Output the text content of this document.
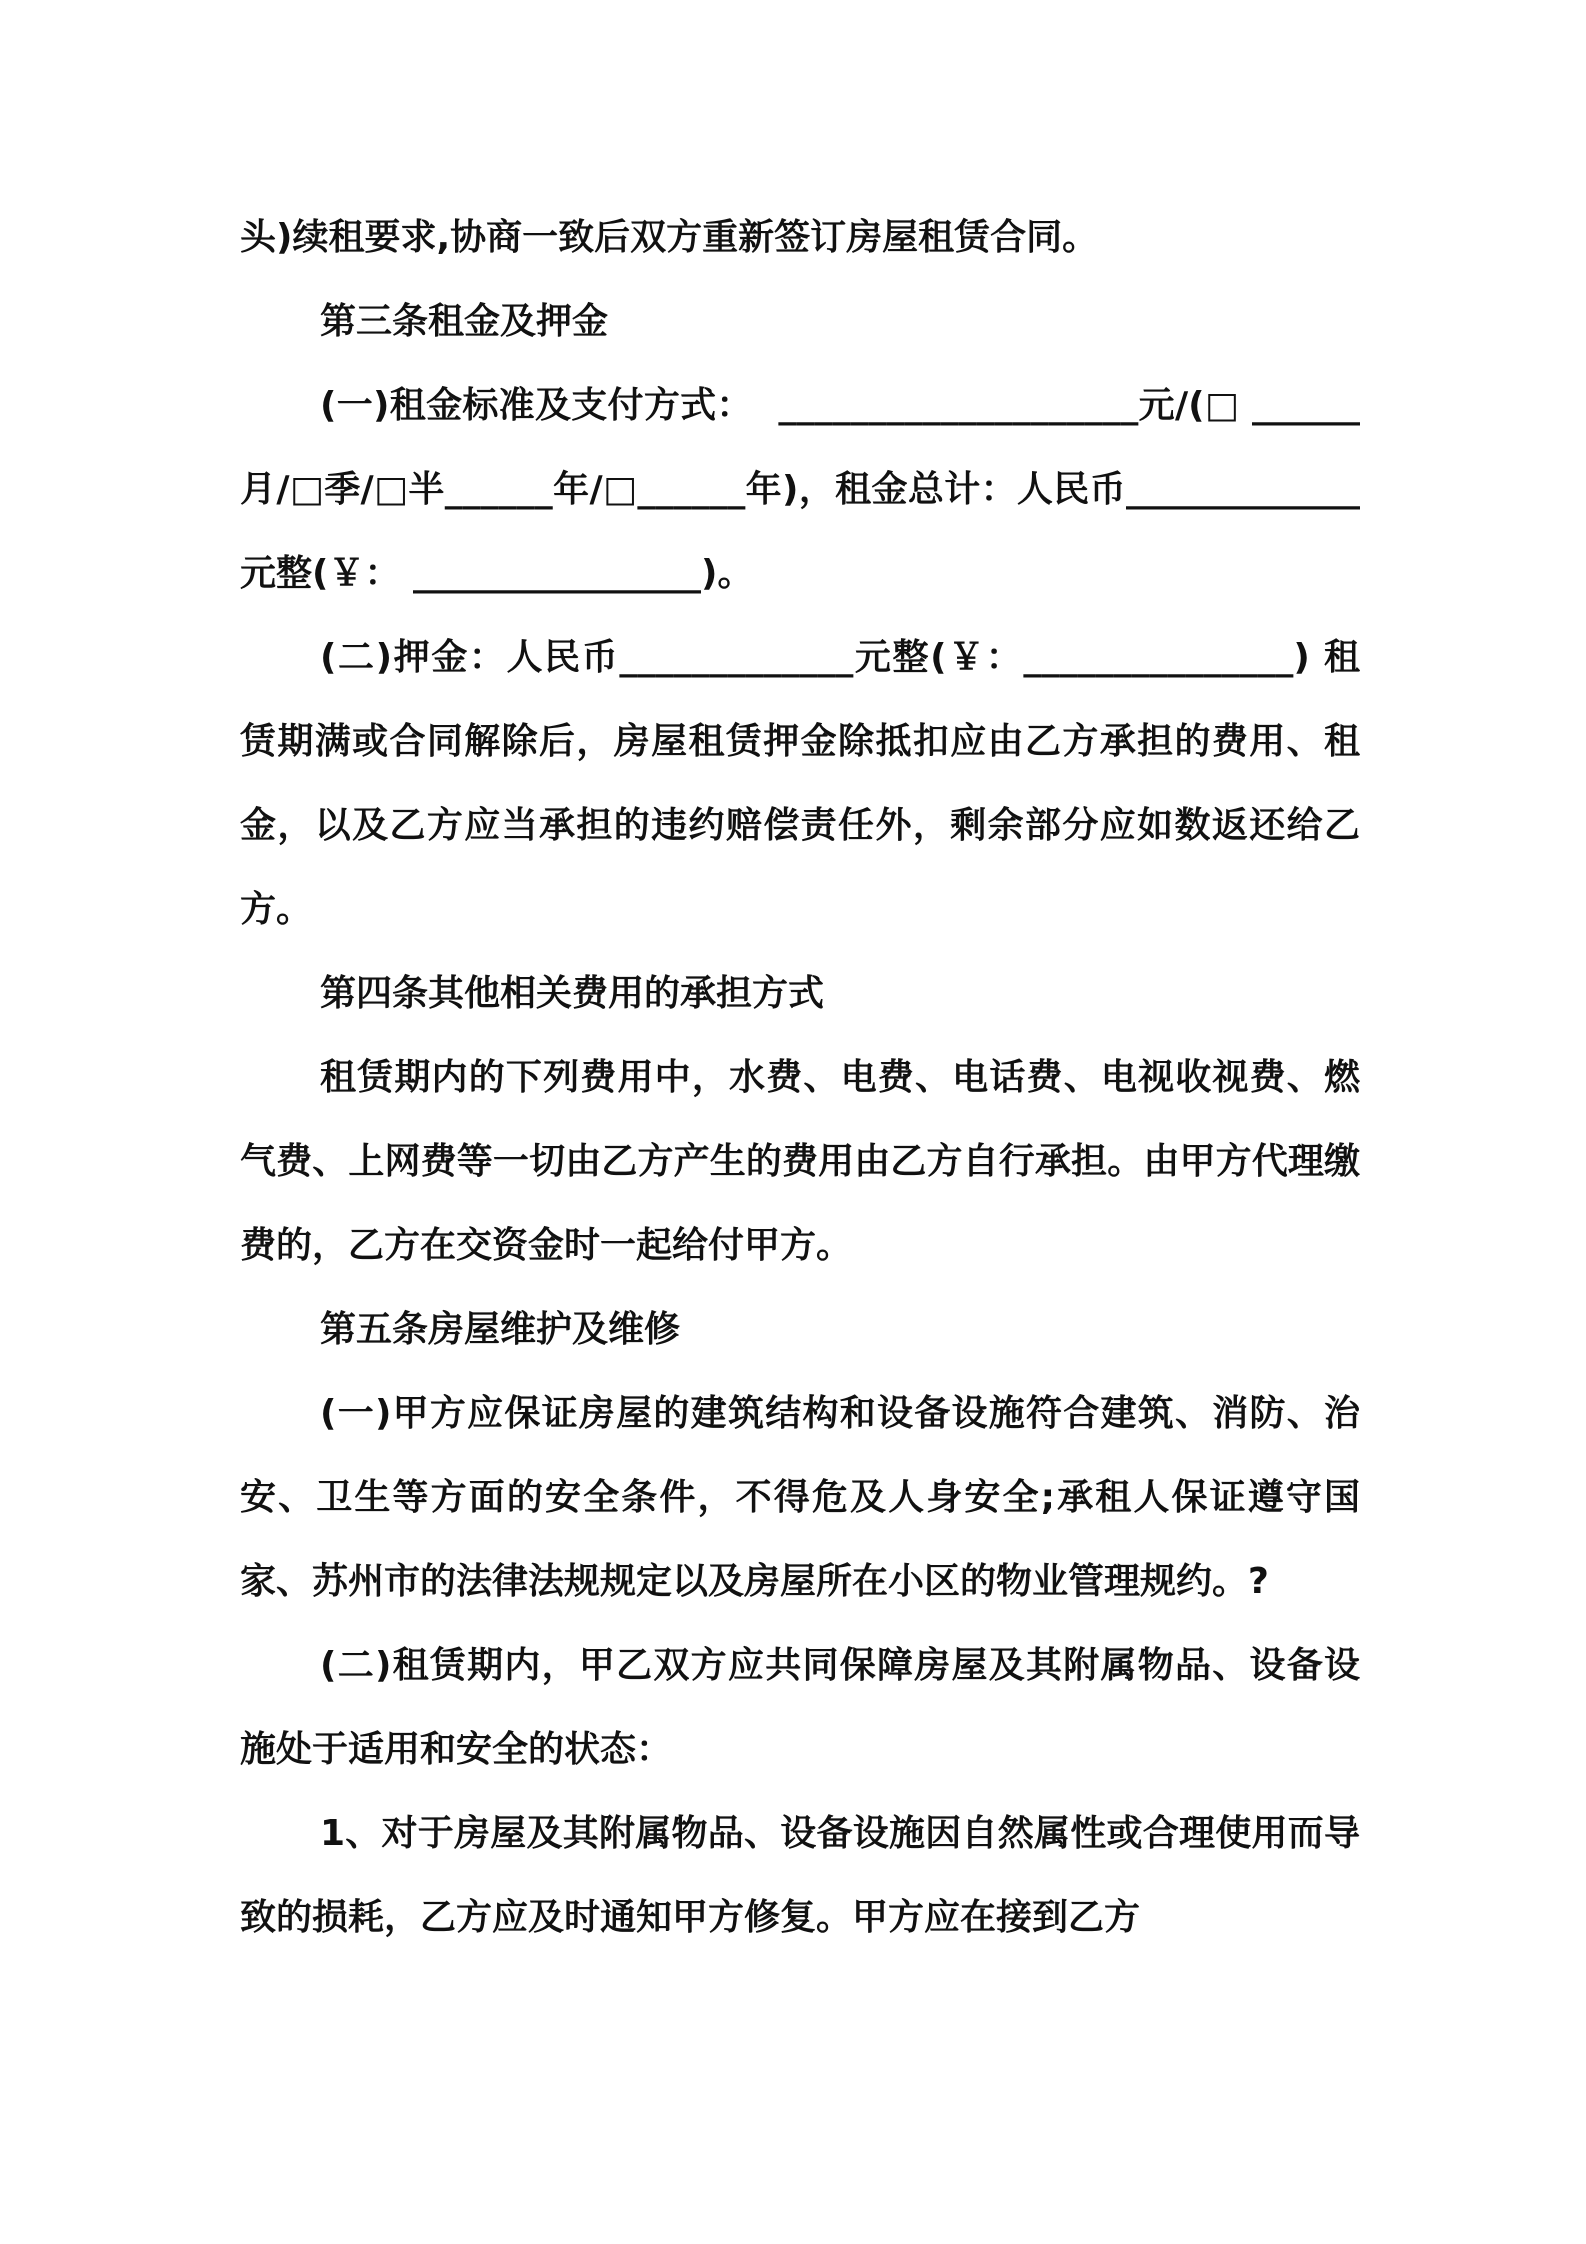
头)续租要求,协商一致后双方重新签订房屋租赁合同。

第三条租金及押金

(一)租金标准及支付方式：  ____________________元/(□ ______月/□季/□半______年/□______年)，租金总计：人民币_____________元整(￥： ________________)。

(二)押金：人民币_____________元整(￥：_______________) 租赁期满或合同解除后，房屋租赁押金除抵扣应由乙方承担的费用、租金，以及乙方应当承担的违约赔偿责任外，剩余部分应如数返还给乙方。

第四条其他相关费用的承担方式

租赁期内的下列费用中，水费、电费、电话费、电视收视费、燃气费、上网费等一切由乙方产生的费用由乙方自行承担。由甲方代理缴费的，乙方在交资金时一起给付甲方。

第五条房屋维护及维修

(一)甲方应保证房屋的建筑结构和设备设施符合建筑、消防、治安、卫生等方面的安全条件，不得危及人身安全;承租人保证遵守国家、苏州市的法律法规规定以及房屋所在小区的物业管理规约。?

(二)租赁期内，甲乙双方应共同保障房屋及其附属物品、设备设施处于适用和安全的状态：

1、对于房屋及其附属物品、设备设施因自然属性或合理使用而导致的损耗，乙方应及时通知甲方修复。甲方应在接到乙方
